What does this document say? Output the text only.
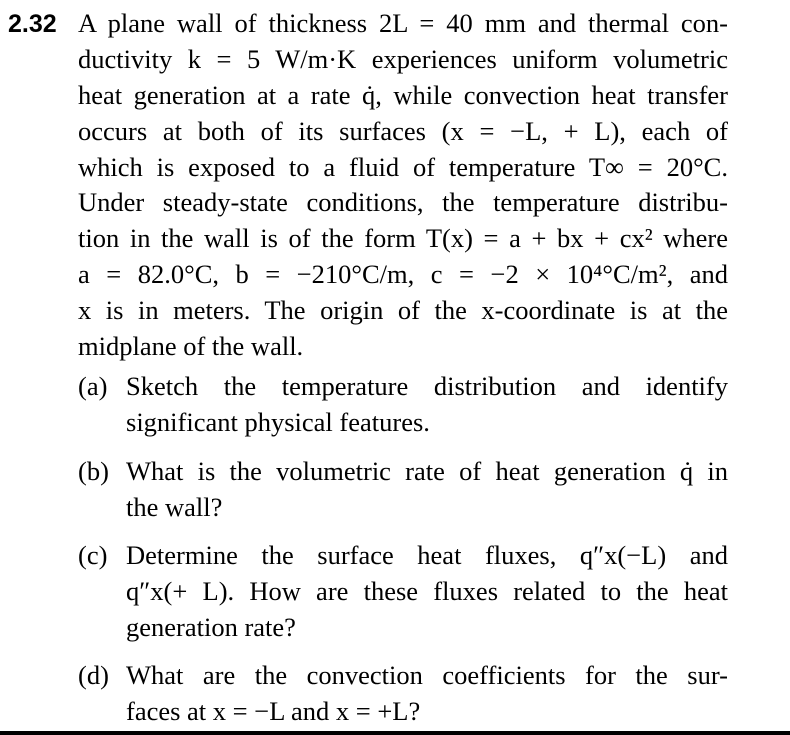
2.32 A plane wall of thickness 2L = 40 mm and thermal con-
ductivity k = 5 W/m·K experiences uniform volumetric
heat generation at a rate q̇, while convection heat transfer
occurs at both of its surfaces (x = −L, + L), each of
which is exposed to a fluid of temperature T∞ = 20°C.
Under steady-state conditions, the temperature distribu-
tion in the wall is of the form T(x) = a + bx + cx² where
a = 82.0°C, b = −210°C/m, c = −2 × 10⁴°C/m², and
x is in meters. The origin of the x-coordinate is at the
midplane of the wall.
(a) Sketch the temperature distribution and identify
significant physical features.
(b) What is the volumetric rate of heat generation q̇ in
the wall?
(c) Determine the surface heat fluxes, q″x(−L) and
q″x(+ L). How are these fluxes related to the heat
generation rate?
(d) What are the convection coefficients for the sur-
faces at x = −L and x = +L?
